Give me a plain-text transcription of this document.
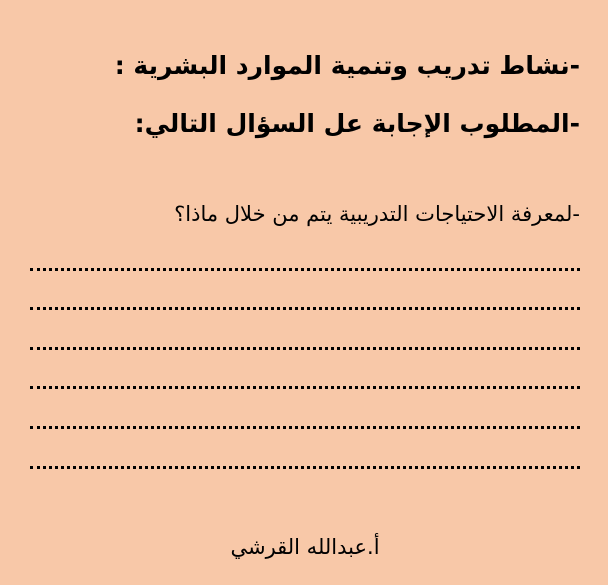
-نشاط تدريب وتنمية الموارد البشرية :
-المطلوب الإجابة عل السؤال التالي:
-لمعرفة الاحتياجات التدريبية يتم من خلال ماذا؟
أ.عبدالله القرشي
